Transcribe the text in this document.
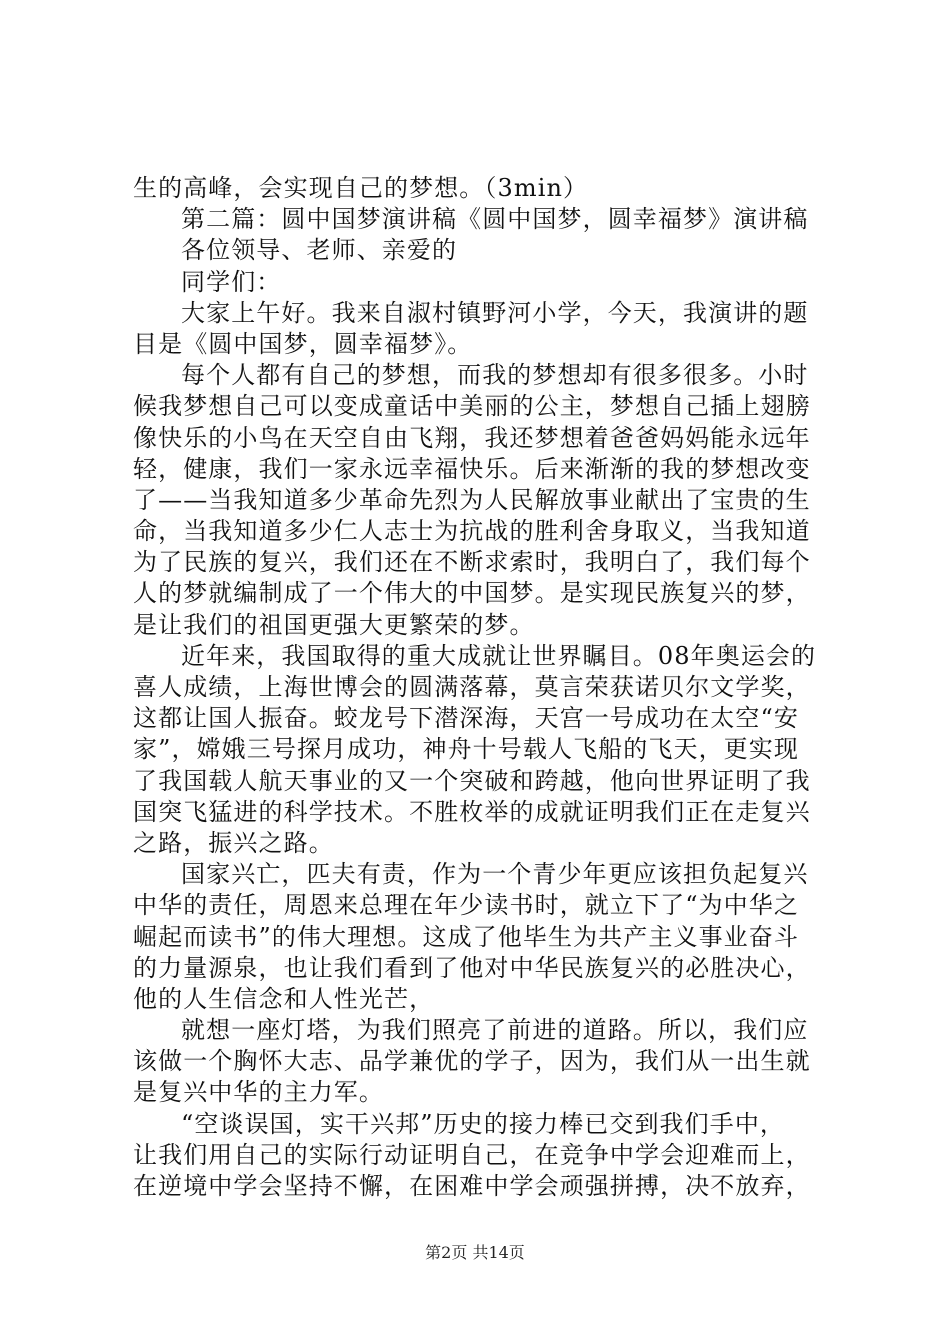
生的高峰，会实现自己的梦想。（3min）
第二篇：圆中国梦演讲稿《圆中国梦，圆幸福梦》演讲稿
各位领导、老师、亲爱的
同学们：
大家上午好。我来自淑村镇野河小学，今天，我演讲的题
目是《圆中国梦，圆幸福梦》。
每个人都有自己的梦想，而我的梦想却有很多很多。小时
候我梦想自己可以变成童话中美丽的公主，梦想自己插上翅膀
像快乐的小鸟在天空自由飞翔，我还梦想着爸爸妈妈能永远年
轻，健康，我们一家永远幸福快乐。后来渐渐的我的梦想改变
了——当我知道多少革命先烈为人民解放事业献出了宝贵的生
命，当我知道多少仁人志士为抗战的胜利舍身取义，当我知道
为了民族的复兴，我们还在不断求索时，我明白了，我们每个
人的梦就编制成了一个伟大的中国梦。是实现民族复兴的梦，
是让我们的祖国更强大更繁荣的梦。
近年来，我国取得的重大成就让世界瞩目。08年奥运会的
喜人成绩，上海世博会的圆满落幕，莫言荣获诺贝尔文学奖，
这都让国人振奋。蛟龙号下潜深海，天宫一号成功在太空“安
家”，嫦娥三号探月成功，神舟十号载人飞船的飞天，更实现
了我国载人航天事业的又一个突破和跨越，他向世界证明了我
国突飞猛进的科学技术。不胜枚举的成就证明我们正在走复兴
之路，振兴之路。
国家兴亡，匹夫有责，作为一个青少年更应该担负起复兴
中华的责任，周恩来总理在年少读书时，就立下了“为中华之
崛起而读书”的伟大理想。这成了他毕生为共产主义事业奋斗
的力量源泉，也让我们看到了他对中华民族复兴的必胜决心，
他的人生信念和人性光芒，
就想一座灯塔，为我们照亮了前进的道路。所以，我们应
该做一个胸怀大志、品学兼优的学子，因为，我们从一出生就
是复兴中华的主力军。
“空谈误国，实干兴邦”历史的接力棒已交到我们手中，
让我们用自己的实际行动证明自己，在竞争中学会迎难而上，
在逆境中学会坚持不懈，在困难中学会顽强拼搏，决不放弃，
第2页 共14页
